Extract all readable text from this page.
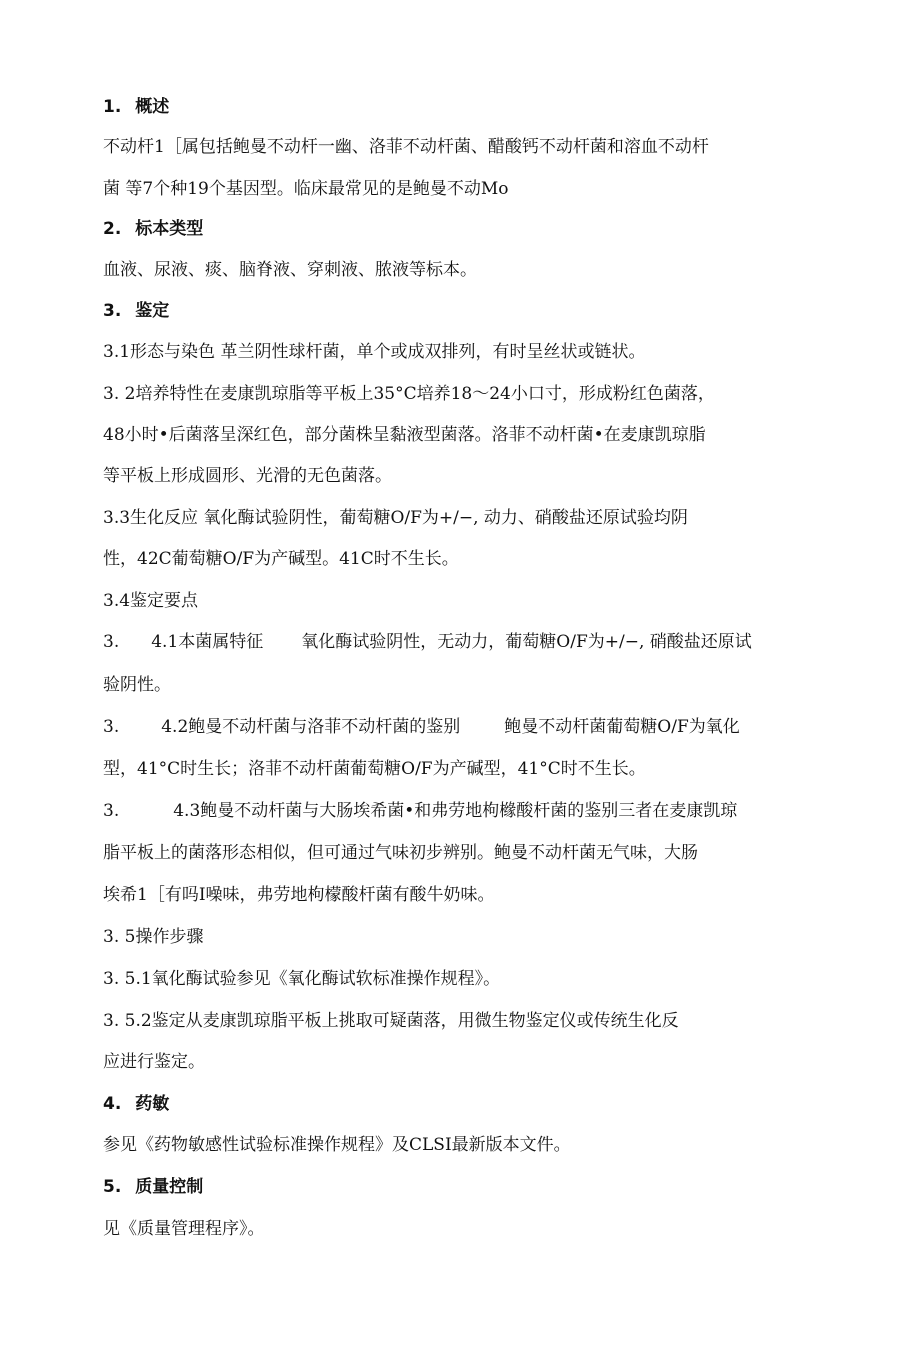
1. 概述

不动杆1［属包括鲍曼不动杆一幽、洛菲不动杆菌、醋酸钙不动杆菌和溶血不动杆

菌 等7个种19个基因型。临床最常见的是鲍曼不动Mo

2. 标本类型

血液、尿液、痰、脑脊液、穿刺液、脓液等标本。

3. 鉴定

3.1形态与染色 革兰阴性球杆菌，单个或成双排列，有时呈丝状或链状。

3. 2培养特性在麦康凯琼脂等平板上35°C培养18〜24小口寸，形成粉红色菌落，

48小时•后菌落呈深红色，部分菌株呈黏液型菌落。洛菲不动杆菌•在麦康凯琼脂

等平板上形成圆形、光滑的无色菌落。

3.3生化反应 氧化酶试验阴性，葡萄糖O/F为+/−, 动力、硝酸盐还原试验均阴

性，42C葡萄糖O/F为产碱型。41C时不生长。

3.4鉴定要点

3. 4.1本菌属特征 氧化酶试验阴性，无动力，葡萄糖O/F为+/−, 硝酸盐还原试

验阴性。

3. 4.2鲍曼不动杆菌与洛菲不动杆菌的鉴别	鲍曼不动杆菌葡萄糖O/F为氧化

型，41°C时生长；洛菲不动杆菌葡萄糖O/F为产碱型，41°C时不生长。

3.	4.3鲍曼不动杆菌与大肠埃希菌•和弗劳地枸橼酸杆菌的鉴别三者在麦康凯琼

脂平板上的菌落形态相似，但可通过气味初步辨别。鲍曼不动杆菌无气味，大肠

埃希1［有吗I噪味，弗劳地枸檬酸杆菌有酸牛奶味。

3. 5操作步骤

3. 5.1氧化酶试验参见《氧化酶试软标准操作规程》。

3. 5.2鉴定从麦康凯琼脂平板上挑取可疑菌落，用微生物鉴定仪或传统生化反

应进行鉴定。

4. 药敏

参见《药物敏感性试验标准操作规程》及CLSI最新版本文件。

5. 质量控制

见《质量管理程序》。
